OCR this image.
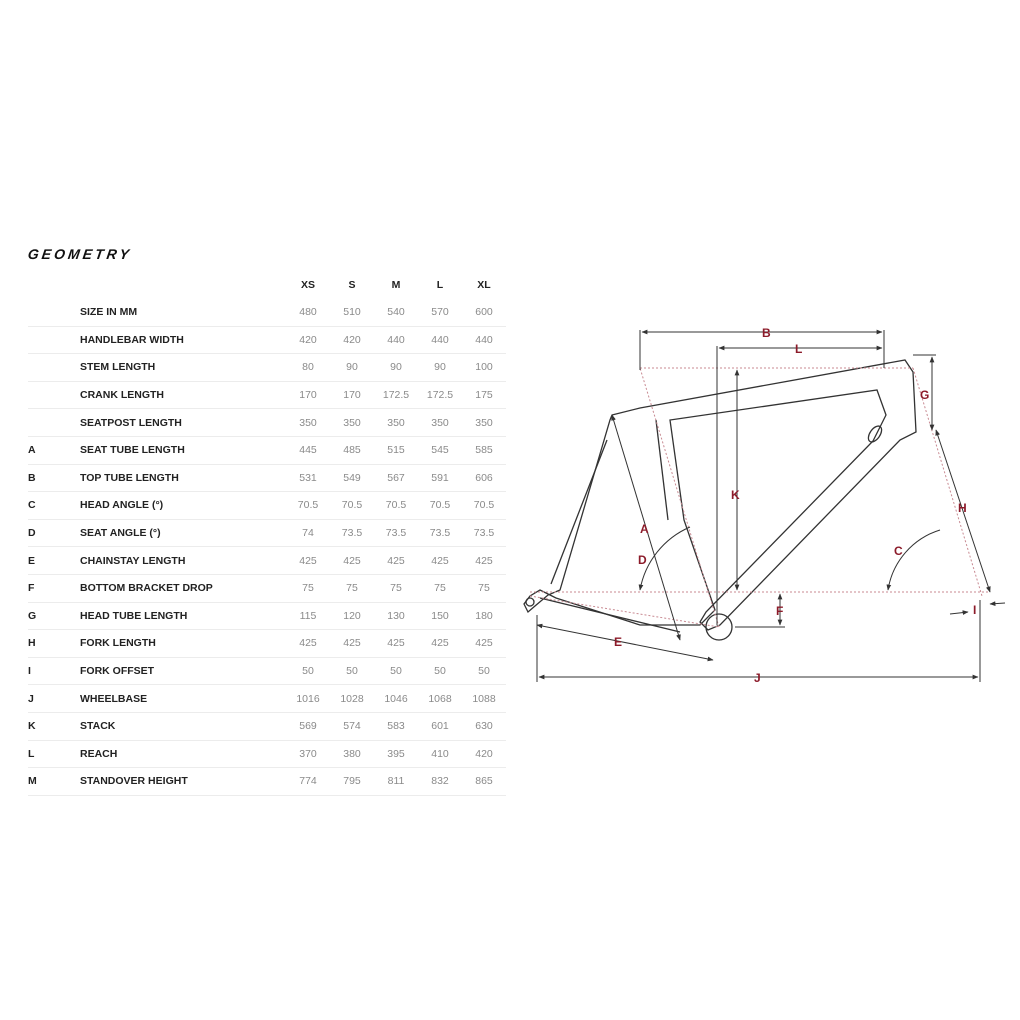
GEOMETRY
		XS	S	M	L	XL
	SIZE IN MM	480	510	540	570	600
	HANDLEBAR WIDTH	420	420	440	440	440
	STEM LENGTH	80	90	90	90	100
	CRANK LENGTH	170	170	172.5	172.5	175
	SEATPOST LENGTH	350	350	350	350	350
A	SEAT TUBE LENGTH	445	485	515	545	585
B	TOP TUBE LENGTH	531	549	567	591	606
C	HEAD ANGLE (°)	70.5	70.5	70.5	70.5	70.5
D	SEAT ANGLE (°)	74	73.5	73.5	73.5	73.5
E	CHAINSTAY LENGTH	425	425	425	425	425
F	BOTTOM BRACKET DROP	75	75	75	75	75
G	HEAD TUBE LENGTH	115	120	130	150	180
H	FORK LENGTH	425	425	425	425	425
I	FORK OFFSET	50	50	50	50	50
J	WHEELBASE	1016	1028	1046	1068	1088
K	STACK	569	574	583	601	630
L	REACH	370	380	395	410	420
M	STANDOVER HEIGHT	774	795	811	832	865
B
L
G
K
H
A
D
C
F	I
E
J
